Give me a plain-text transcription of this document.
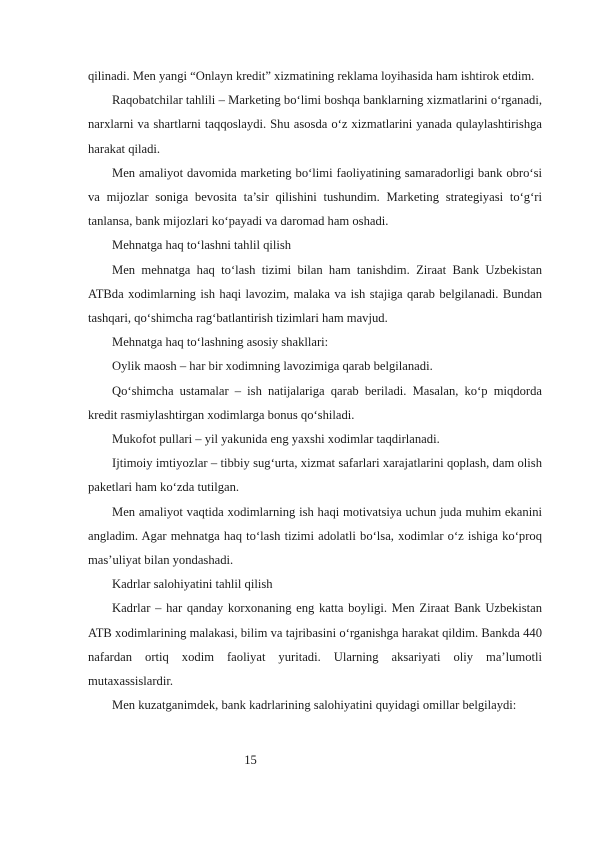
qilinadi. Men yangi “Onlayn kredit” xizmatining reklama loyihasida ham ishtirok etdim.

Raqobatchilar tahlili – Marketing bo‘limi boshqa banklarning xizmatlarini o‘rganadi, narxlarni va shartlarni taqqoslaydi. Shu asosda o‘z xizmatlarini yanada qulaylashtirishga harakat qiladi.

Men amaliyot davomida marketing bo‘limi faoliyatining samaradorligi bank obro‘si va mijozlar soniga bevosita ta’sir qilishini tushundim. Marketing strategiyasi to‘g‘ri tanlansa, bank mijozlari ko‘payadi va daromad ham oshadi.

Mehnatga haq to‘lashni tahlil qilish

Men mehnatga haq to‘lash tizimi bilan ham tanishdim. Ziraat Bank Uzbekistan ATBda xodimlarning ish haqi lavozim, malaka va ish stajiga qarab belgilanadi. Bundan tashqari, qo‘shimcha rag‘batlantirish tizimlari ham mavjud.

Mehnatga haq to‘lashning asosiy shakllari:

Oylik maosh – har bir xodimning lavozimiga qarab belgilanadi.

Qo‘shimcha ustamalar – ish natijalariga qarab beriladi. Masalan, ko‘p miqdorda kredit rasmiylashtirgan xodimlarga bonus qo‘shiladi.

Mukofot pullari – yil yakunida eng yaxshi xodimlar taqdirlanadi.

Ijtimoiy imtiyozlar – tibbiy sug‘urta, xizmat safarlari xarajatlarini qoplash, dam olish paketlari ham ko‘zda tutilgan.

Men amaliyot vaqtida xodimlarning ish haqi motivatsiya uchun juda muhim ekanini angladim. Agar mehnatga haq to‘lash tizimi adolatli bo‘lsa, xodimlar o‘z ishiga ko‘proq mas’uliyat bilan yondashadi.

Kadrlar salohiyatini tahlil qilish

Kadrlar – har qanday korxonaning eng katta boyligi. Men Ziraat Bank Uzbekistan ATB xodimlarining malakasi, bilim va tajribasini o‘rganishga harakat qildim. Bankda 440 nafardan ortiq xodim faoliyat yuritadi. Ularning aksariyati oliy ma’lumotli mutaxassislardir.

Men kuzatganimdek, bank kadrlarining salohiyatini quyidagi omillar belgilaydi:

15
